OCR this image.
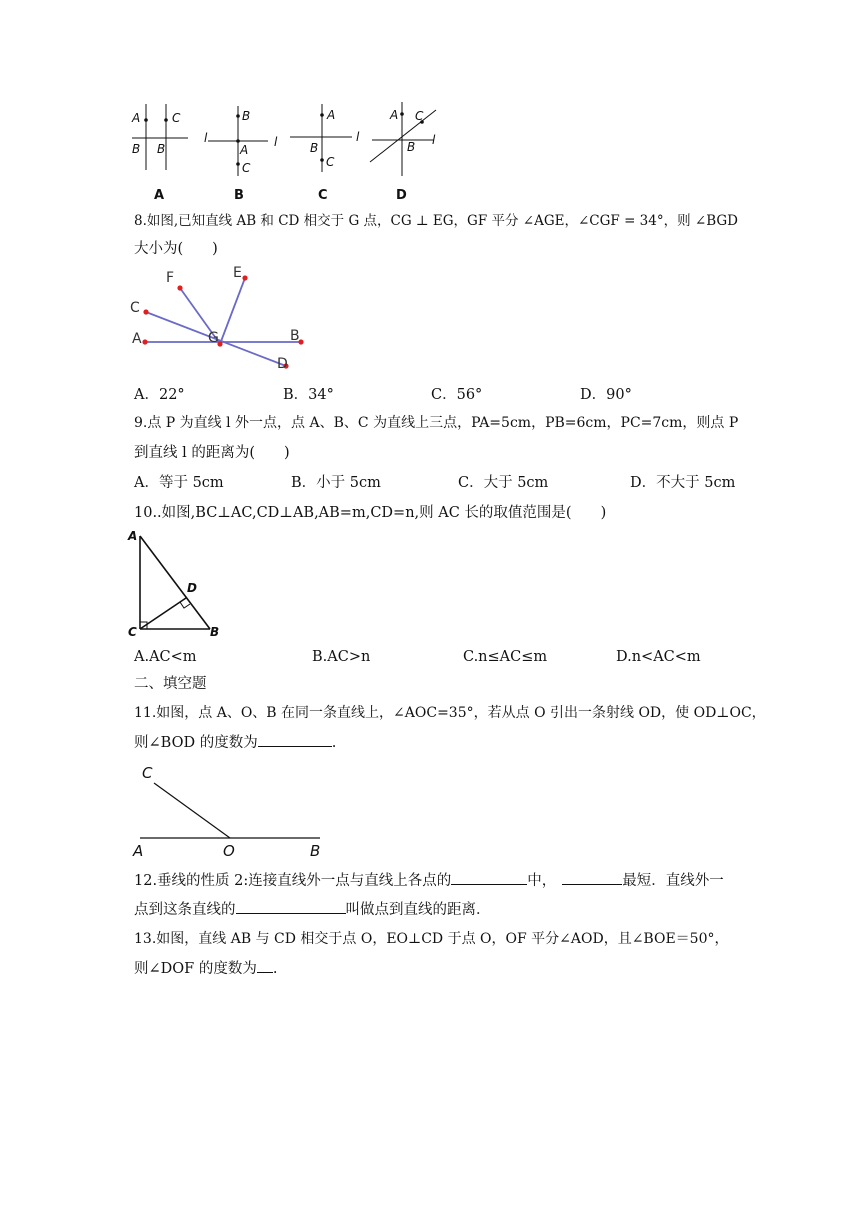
A	C
B B
l
A
B
A
C
l
B
A
B
C
l
C
A C
B l
D
8.如图,已知直线 AB 和 CD 相交于 G 点，CG ⊥ EG，GF 平分 ∠AGE，∠CGF = 34°，则 ∠BGD
大小为(　　)
F	E
C
A	G	B
D
A．22°	B．34°	C．56°	D．90°
9.点 P 为直线 l 外一点，点 A、B、C 为直线上三点，PA=5cm，PB=6cm，PC=7cm，则点 P
到直线 l 的距离为(　　)
A．等于 5cm	B．小于 5cm	C．大于 5cm	D．不大于 5cm
10..如图,BC⊥AC,CD⊥AB,AB=m,CD=n,则 AC 长的取值范围是(　　)
A
D
C	B
A.AC<m	B.AC>n	C.n≤AC≤m	D.n<AC<m
二、填空题
11.如图，点 A、O、B 在同一条直线上，∠AOC=35°，若从点 O 引出一条射线 OD，使 OD⊥OC，
则∠BOD 的度数为	.
C
A	O	B
12.垂线的性质 2:连接直线外一点与直线上各点的	中，	最短．直线外一
点到这条直线的	叫做点到直线的距离．
13.如图，直线 AB 与 CD 相交于点 O，EO⊥CD 于点 O，OF 平分∠AOD，且∠BOE＝50°，
则∠DOF 的度数为 .
